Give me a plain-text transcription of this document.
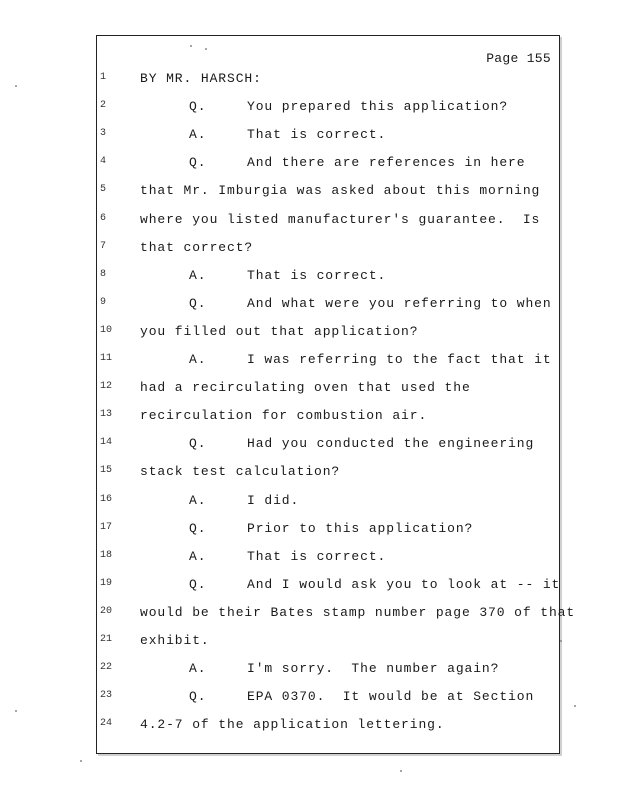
Page 155
1	BY MR. HARSCH:
2	Q.	You prepared this application?
3	A.	That is correct.
4	Q.	And there are references in here
5	that Mr. Imburgia was asked about this morning
6	where you listed manufacturer's guarantee.  Is
7	that correct?
8	A.	That is correct.
9	Q.	And what were you referring to when
10	you filled out that application?
11	A.	I was referring to the fact that it
12	had a recirculating oven that used the
13	recirculation for combustion air.
14	Q.	Had you conducted the engineering
15	stack test calculation?
16	A.	I did.
17	Q.	Prior to this application?
18	A.	That is correct.
19	Q.	And I would ask you to look at -- it
20	would be their Bates stamp number page 370 of that
21	exhibit.
22	A.	I'm sorry.  The number again?
23	Q.	EPA 0370.  It would be at Section
24	4.2-7 of the application lettering.
